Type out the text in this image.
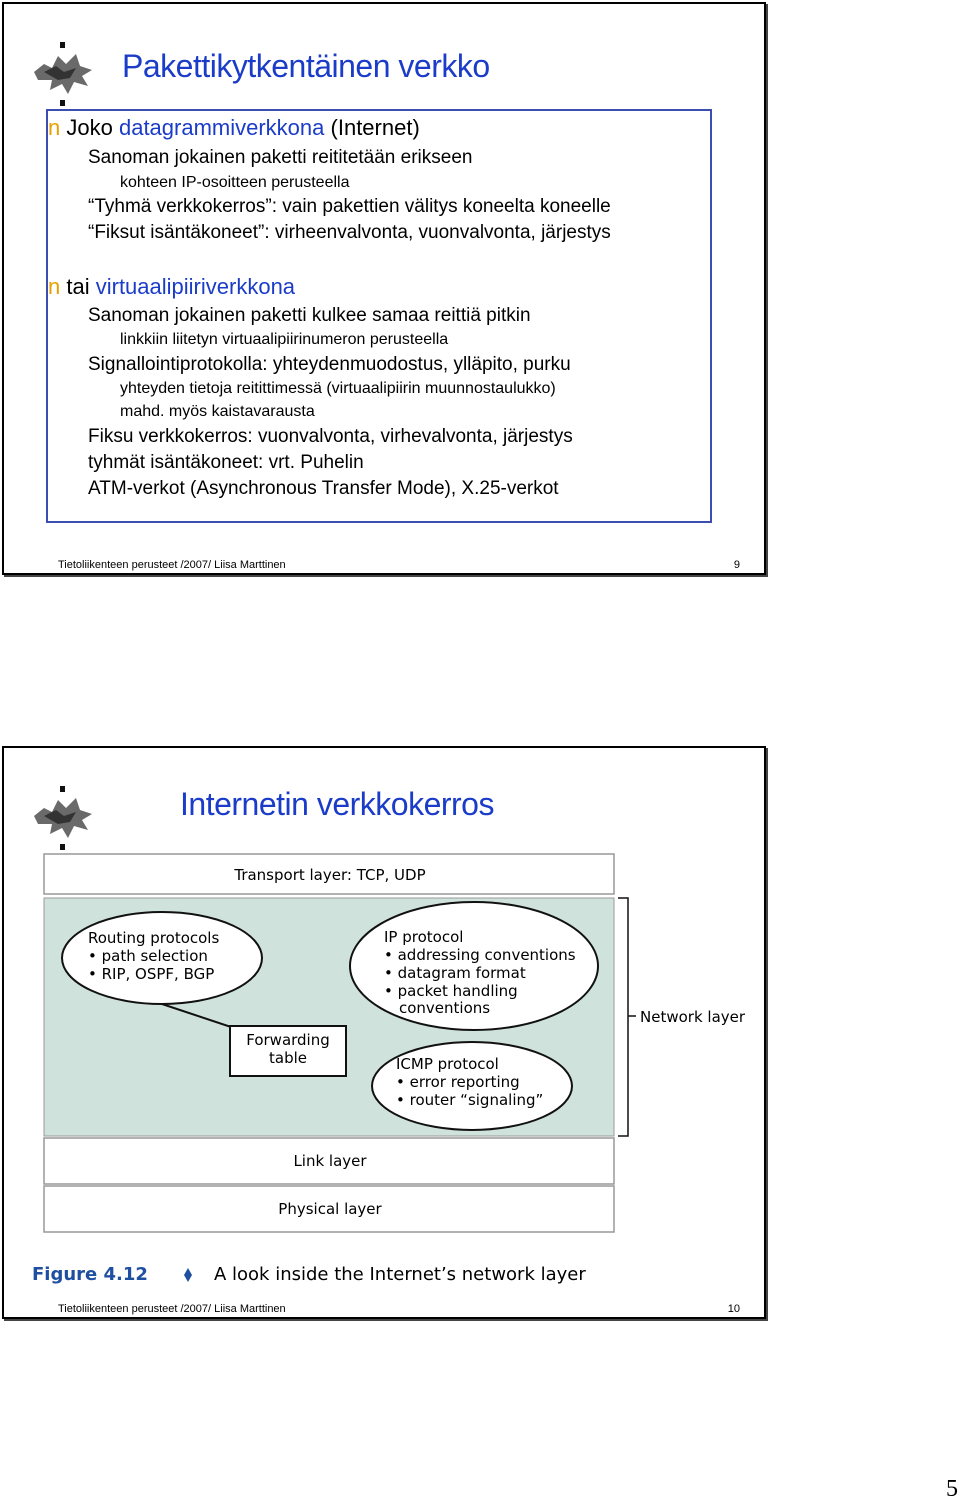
Pakettikytkentäinen verkko
n Joko datagrammiverkkona (Internet)
Sanoman jokainen paketti reititetään erikseen
kohteen IP-osoitteen perusteella
“Tyhmä verkkokerros”: vain pakettien välitys koneelta koneelle
“Fiksut isäntäkoneet”: virheenvalvonta, vuonvalvonta, järjestys
n tai virtuaalipiiriverkkona
Sanoman jokainen paketti kulkee samaa reittiä pitkin
linkkiin liitetyn virtuaalipiirinumeron perusteella
Signallointiprotokolla: yhteydenmuodostus, ylläpito, purku
yhteyden tietoja reitittimessä (virtuaalipiirin muunnostaulukko)
mahd. myös kaistavarausta
Fiksu verkkokerros: vuonvalvonta, virhevalvonta, järjestys
tyhmät isäntäkoneet: vrt. Puhelin
ATM-verkot (Asynchronous Transfer Mode), X.25-verkot
Tietoliikenteen perusteet /2007/ Liisa Marttinen	9
Internetin verkkokerros
Transport layer: TCP, UDP
Routing protocols
• path selection
• RIP, OSPF, BGP
IP protocol
• addressing conventions
• datagram format
• packet handling
conventions
Forwarding
table	ICMP protocol
• error reporting
• router “signaling”
Network layer
Link layer
Physical layer
Figure 4.12	A look inside the Internet’s network layer
Tietoliikenteen perusteet /2007/ Liisa Marttinen	10
5
